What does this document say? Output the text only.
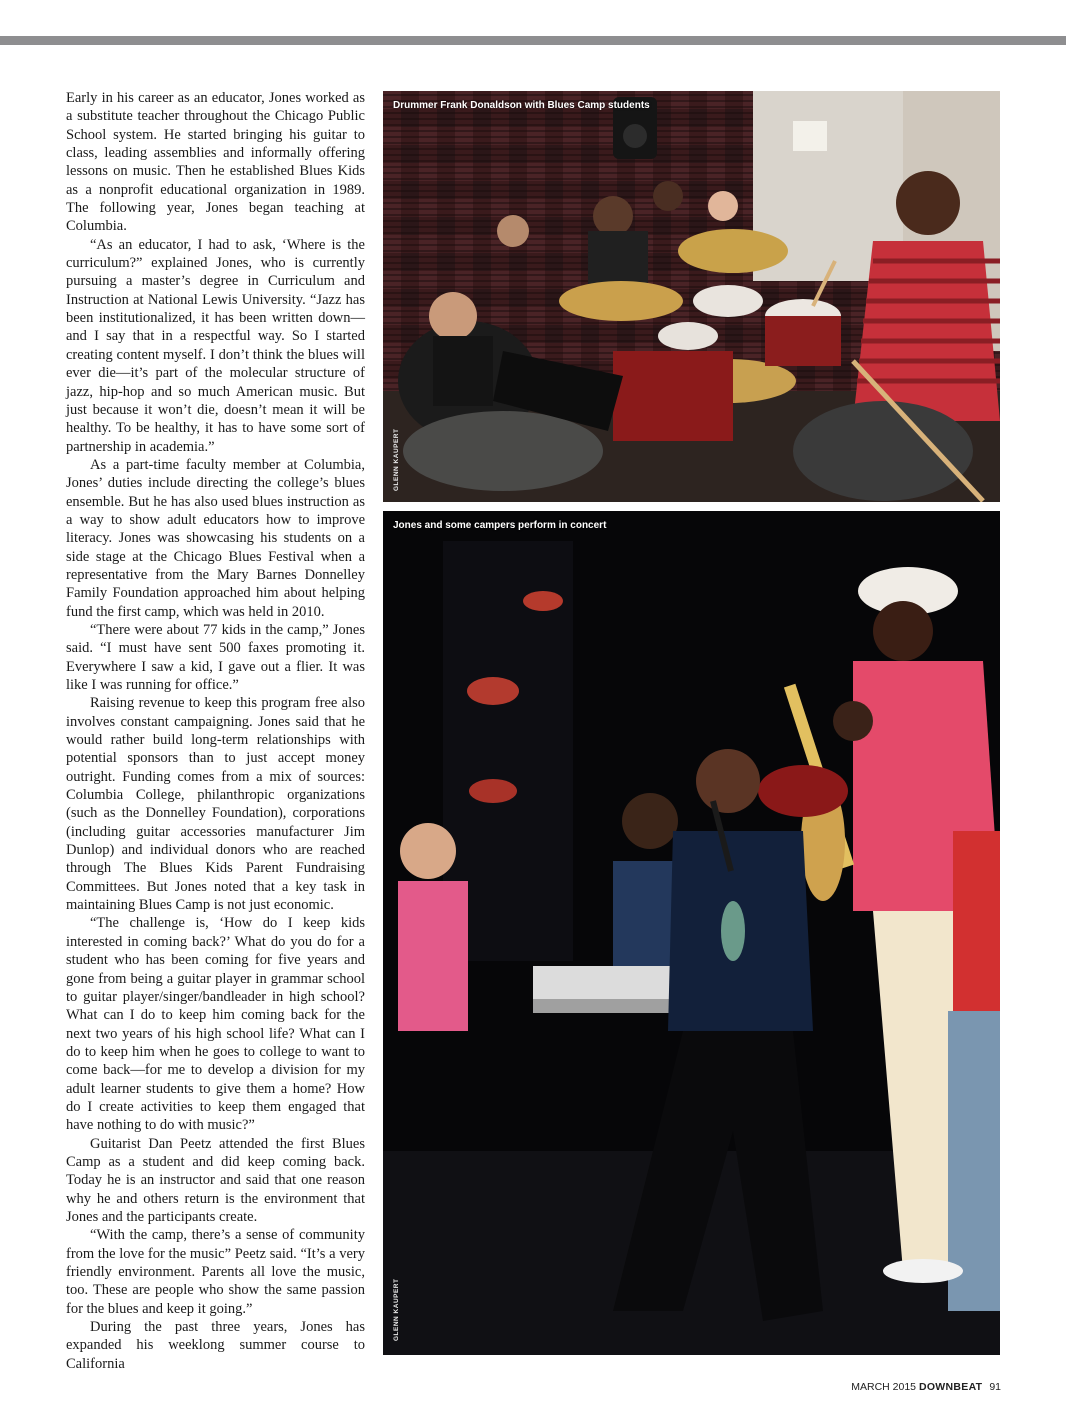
Early in his career as an educator, Jones worked as a substitute teacher throughout the Chicago Public School system. He started bringing his guitar to class, leading assemblies and informally offering lessons on music. Then he established Blues Kids as a nonprofit educational organization in 1989. The following year, Jones began teaching at Columbia.

“As an educator, I had to ask, ‘Where is the curriculum?” explained Jones, who is currently pursuing a master’s degree in Curriculum and Instruction at National Lewis University. “Jazz has been institutionalized, it has been written down—and I say that in a respectful way. So I started creating content myself. I don’t think the blues will ever die—it’s part of the molecular structure of jazz, hip-hop and so much American music. But just because it won’t die, doesn’t mean it will be healthy. To be healthy, it has to have some sort of partnership in academia.”

As a part-time faculty member at Columbia, Jones’ duties include directing the college’s blues ensemble. But he has also used blues instruction as a way to show adult educators how to improve literacy. Jones was showcasing his students on a side stage at the Chicago Blues Festival when a representative from the Mary Barnes Donnelley Family Foundation approached him about helping fund the first camp, which was held in 2010.

“There were about 77 kids in the camp,” Jones said. “I must have sent 500 faxes promoting it. Everywhere I saw a kid, I gave out a flier. It was like I was running for office.”

Raising revenue to keep this program free also involves constant campaigning. Jones said that he would rather build long-term relationships with potential sponsors than to just accept money outright. Funding comes from a mix of sources: Columbia College, philanthropic organizations (such as the Donnelley Foundation), corporations (including guitar accessories manufacturer Jim Dunlop) and individual donors who are reached through The Blues Kids Parent Fundraising Committees. But Jones noted that a key task in maintaining Blues Camp is not just economic.

“The challenge is, ‘How do I keep kids interested in coming back?’ What do you do for a student who has been coming for five years and gone from being a guitar player in grammar school to guitar player/singer/bandleader in high school? What can I do to keep him coming back for the next two years of his high school life? What can I do to keep him when he goes to college to want to come back—for me to develop a division for my adult learner students to give them a home? How do I create activities to keep them engaged that have nothing to do with music?”

Guitarist Dan Peetz attended the first Blues Camp as a student and did keep coming back. Today he is an instructor and said that one reason why he and others return is the environment that Jones and the participants create.

“With the camp, there’s a sense of community from the love for the music” Peetz said. “It’s a very friendly environment. Parents all love the music, too. These are people who show the same passion for the blues and keep it going.”

During the past three years, Jones has expanded his weeklong summer course to California

Drummer Frank Donaldson with Blues Camp students
GLENN KAUPERT
Jones and some campers perform in concert
GLENN KAUPERT
MARCH 2015 DOWNBEAT 91
